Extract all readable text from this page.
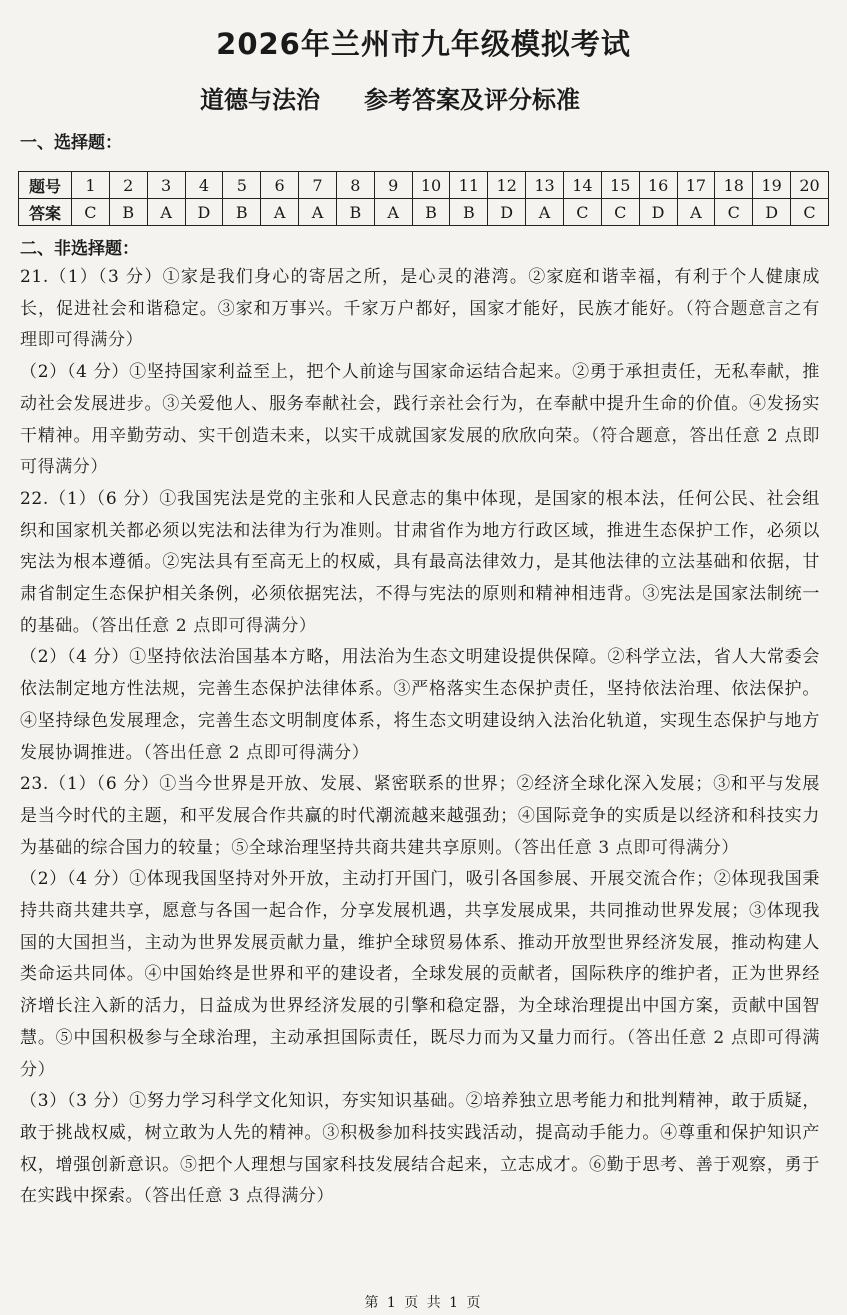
2026年兰州市九年级模拟考试
道德与法治 参考答案及评分标准
一、选择题：
题号	1	2	3	4	5	6	7	8	9	10	11	12	13	14	15	16	17	18	19	20
答案	C	B	A	D	B	A	A	B	A	B	B	D	A	C	C	D	A	C	D	C
二、非选择题：

21.（1）（3 分）①家是我们身心的寄居之所，是心灵的港湾。②家庭和谐幸福，有利于个人健康成长，促进社会和谐稳定。③家和万事兴。千家万户都好，国家才能好，民族才能好。（符合题意言之有理即可得满分）

（2）（4 分）①坚持国家利益至上，把个人前途与国家命运结合起来。②勇于承担责任，无私奉献，推动社会发展进步。③关爱他人、服务奉献社会，践行亲社会行为，在奉献中提升生命的价值。④发扬实干精神。用辛勤劳动、实干创造未来，以实干成就国家发展的欣欣向荣。（符合题意，答出任意 2 点即可得满分）

22.（1）（6 分）①我国宪法是党的主张和人民意志的集中体现，是国家的根本法，任何公民、社会组织和国家机关都必须以宪法和法律为行为准则。甘肃省作为地方行政区域，推进生态保护工作，必须以宪法为根本遵循。②宪法具有至高无上的权威，具有最高法律效力，是其他法律的立法基础和依据，甘肃省制定生态保护相关条例，必须依据宪法，不得与宪法的原则和精神相违背。③宪法是国家法制统一的基础。（答出任意 2 点即可得满分）

（2）（4 分）①坚持依法治国基本方略，用法治为生态文明建设提供保障。②科学立法，省人大常委会依法制定地方性法规，完善生态保护法律体系。③严格落实生态保护责任，坚持依法治理、依法保护。④坚持绿色发展理念，完善生态文明制度体系，将生态文明建设纳入法治化轨道，实现生态保护与地方发展协调推进。（答出任意 2 点即可得满分）

23.（1）（6 分）①当今世界是开放、发展、紧密联系的世界；②经济全球化深入发展；③和平与发展是当今时代的主题，和平发展合作共赢的时代潮流越来越强劲；④国际竞争的实质是以经济和科技实力为基础的综合国力的较量；⑤全球治理坚持共商共建共享原则。（答出任意 3 点即可得满分）

（2）（4 分）①体现我国坚持对外开放，主动打开国门，吸引各国参展、开展交流合作；②体现我国秉持共商共建共享，愿意与各国一起合作，分享发展机遇，共享发展成果，共同推动世界发展；③体现我国的大国担当，主动为世界发展贡献力量，维护全球贸易体系、推动开放型世界经济发展，推动构建人类命运共同体。④中国始终是世界和平的建设者，全球发展的贡献者，国际秩序的维护者，正为世界经济增长注入新的活力，日益成为世界经济发展的引擎和稳定器，为全球治理提出中国方案，贡献中国智慧。⑤中国积极参与全球治理，主动承担国际责任，既尽力而为又量力而行。（答出任意 2 点即可得满分）

（3）（3 分）①努力学习科学文化知识，夯实知识基础。②培养独立思考能力和批判精神，敢于质疑，敢于挑战权威，树立敢为人先的精神。③积极参加科技实践活动，提高动手能力。④尊重和保护知识产权，增强创新意识。⑤把个人理想与国家科技发展结合起来，立志成才。⑥勤于思考、善于观察，勇于在实践中探索。（答出任意 3 点得满分）

第 1 页 共 1 页
